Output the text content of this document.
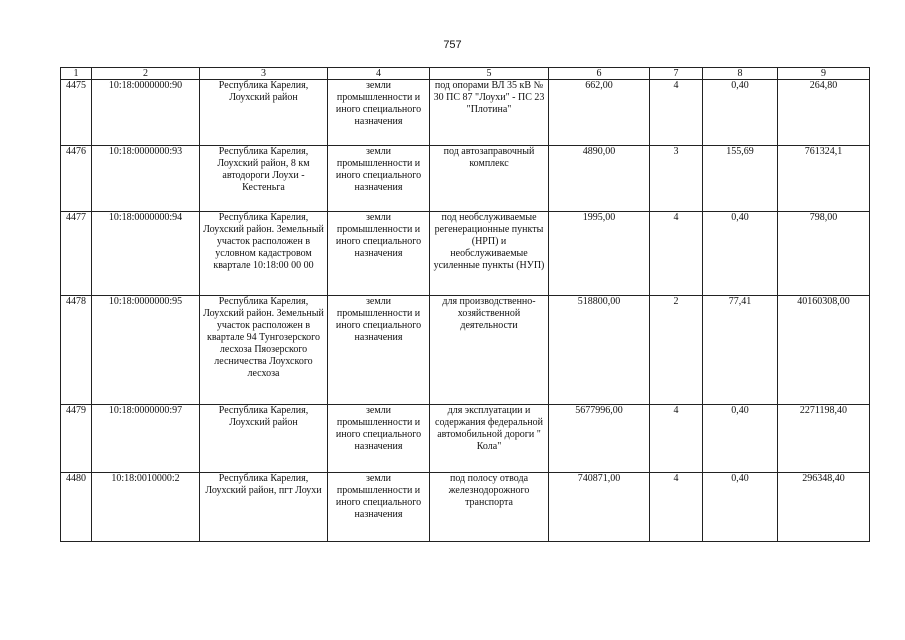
757
1	2	3	4	5	6	7	8	9
4475	10:18:0000000:90	Республика Карелия, Лоухский район	земли промышленности и иного специального назначения	под опорами ВЛ 35 кВ № 30 ПС 87 "Лоухи" - ПС 23 "Плотина"	662,00	4	0,40	264,80
4476	10:18:0000000:93	Республика Карелия, Лоухский район, 8 км автодороги Лоухи - Кестеньга	земли промышленности и иного специального назначения	под автозаправочный комплекс	4890,00	3	155,69	761324,1
4477	10:18:0000000:94	Республика Карелия, Лоухский район. Земельный участок расположен в условном кадастровом квартале 10:18:00 00 00	земли промышленности и иного специального назначения	под необслуживаемые регенерационные пункты (НРП) и необслуживаемые усиленные пункты (НУП)	1995,00	4	0,40	798,00
4478	10:18:0000000:95	Республика Карелия, Лоухский район. Земельный участок расположен в квартале 94 Тунгозерского лесхоза Пяозерского лесничества Лоухского лесхоза	земли промышленности и иного специального назначения	для производственно-хозяйственной деятельности	518800,00	2	77,41	40160308,00
4479	10:18:0000000:97	Республика Карелия, Лоухский район	земли промышленности и иного специального назначения	для эксплуатации и содержания федеральной автомобильной дороги " Кола"	5677996,00	4	0,40	2271198,40
4480	10:18:0010000:2	Республика Карелия, Лоухский район, пгт Лоухи	земли промышленности и иного специального назначения	под полосу отвода железнодорожного транспорта	740871,00	4	0,40	296348,40
